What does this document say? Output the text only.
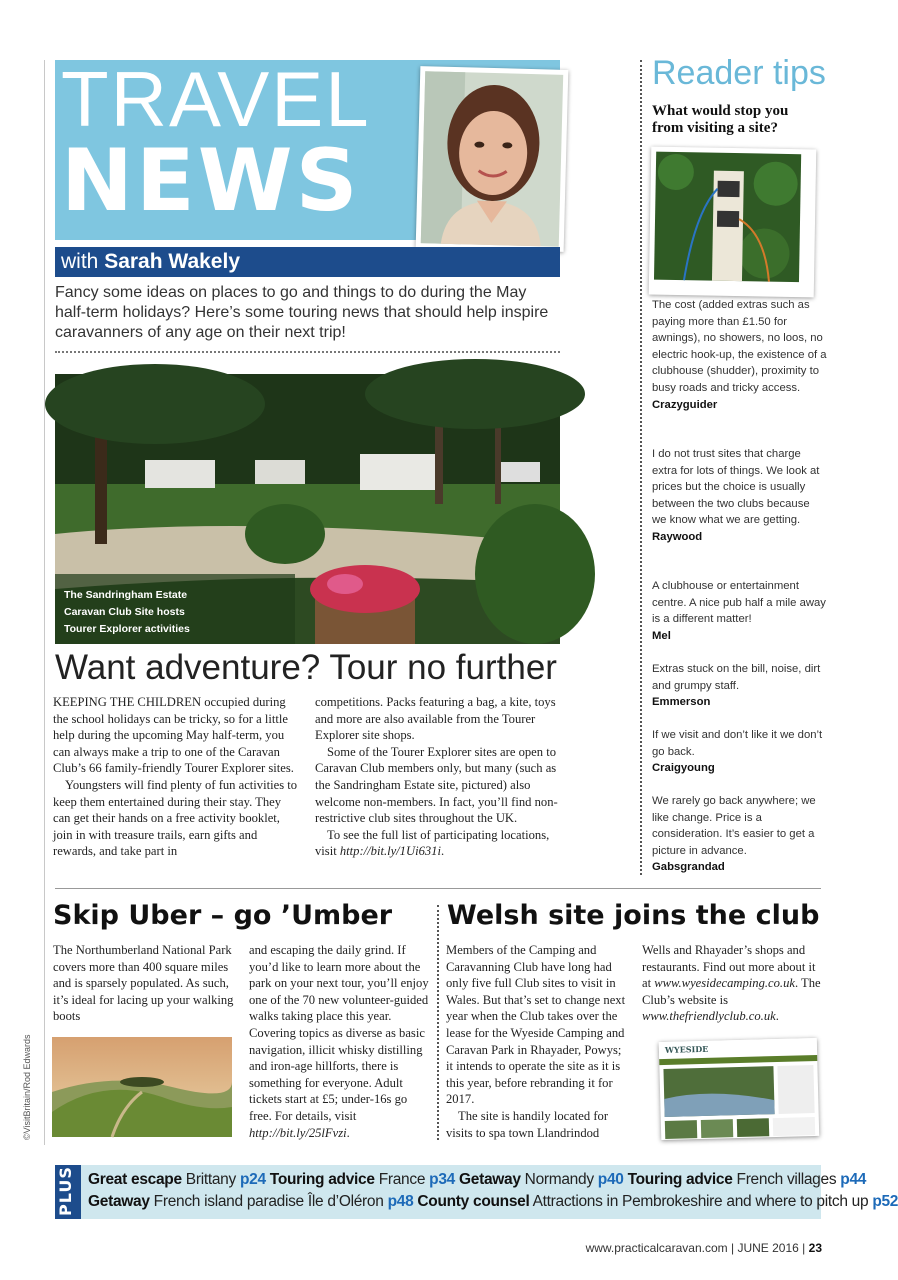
TRAVEL
NEWS
with Sarah Wakely
Fancy some ideas on places to go and things to do during the May half-term holidays? Here’s some touring news that should help inspire caravanners of any age on their next trip!
The Sandringham Estate
Caravan Club Site hosts
Tourer Explorer activities
Want adventure? Tour no further

KEEPING THE CHILDREN occupied during the school holidays can be tricky, so for a little help during the upcoming May half-term, you can always make a trip to one of the Caravan Club’s 66 family-friendly Tourer Explorer sites.

Youngsters will find plenty of fun activities to keep them entertained during their stay. They can get their hands on a free activity booklet, join in with treasure trails, earn gifts and rewards, and take part in

competitions. Packs featuring a bag, a kite, toys and more are also available from the Tourer Explorer site shops.

Some of the Tourer Explorer sites are open to Caravan Club members only, but many (such as the Sandringham Estate site, pictured) also welcome non-members. In fact, you’ll find non-restrictive club sites throughout the UK.

To see the full list of participating locations, visit http://bit.ly/1Ui631i.

Reader tips
What would stop you from visiting a site?
The cost (added extras such as paying more than £1.50 for awnings), no showers, no loos, no electric hook-up, the existence of a clubhouse (shudder), proximity to busy roads and tricky access.
Crazyguider
I do not trust sites that charge extra for lots of things. We look at prices but the choice is usually between the two clubs because we know what we are getting.
Raywood
A clubhouse or entertainment centre. A nice pub half a mile away is a different matter!
Mel
Extras stuck on the bill, noise, dirt and grumpy staff.
Emmerson
If we visit and don’t like it we don’t go back.
Craigyoung
We rarely go back anywhere; we like change. Price is a consideration. It’s easier to get a picture in advance.
Gabsgrandad
Skip Uber – go ’Umber

The Northumberland National Park covers more than 400 square miles and is sparsely populated. As such, it’s ideal for lacing up your walking boots

and escaping the daily grind. If you’d like to learn more about the park on your next tour, you’ll enjoy one of the 70 new volunteer-guided walks taking place this year. Covering topics as diverse as basic navigation, illicit whisky distilling and iron-age hillforts, there is something for everyone. Adult tickets start at £5; under-16s go free. For details, visit http://bit.ly/25lFvzi.

©VisitBritain/Rod Edwards
Welsh site joins the club

Members of the Camping and Caravanning Club have long had only five full Club sites to visit in Wales. But that’s set to change next year when the Club takes over the lease for the Wyeside Camping and Caravan Park in Rhayader, Powys; it intends to operate the site as it is this year, before rebranding it for 2017.

The site is handily located for visits to spa town Llandrindod

Wells and Rhayader’s shops and restaurants. Find out more about it at www.wyesidecamping.co.uk. The Club’s website is www.thefriendlyclub.co.uk.

WYESIDE
PLUS Great escape Brittany p24 Touring advice France p34 Getaway Normandy p40 Touring advice French villages p44
Getaway French island paradise Île d’Oléron p48 County counsel Attractions in Pembrokeshire and where to pitch up p52
www.practicalcaravan.com | JUNE 2016 | 23
